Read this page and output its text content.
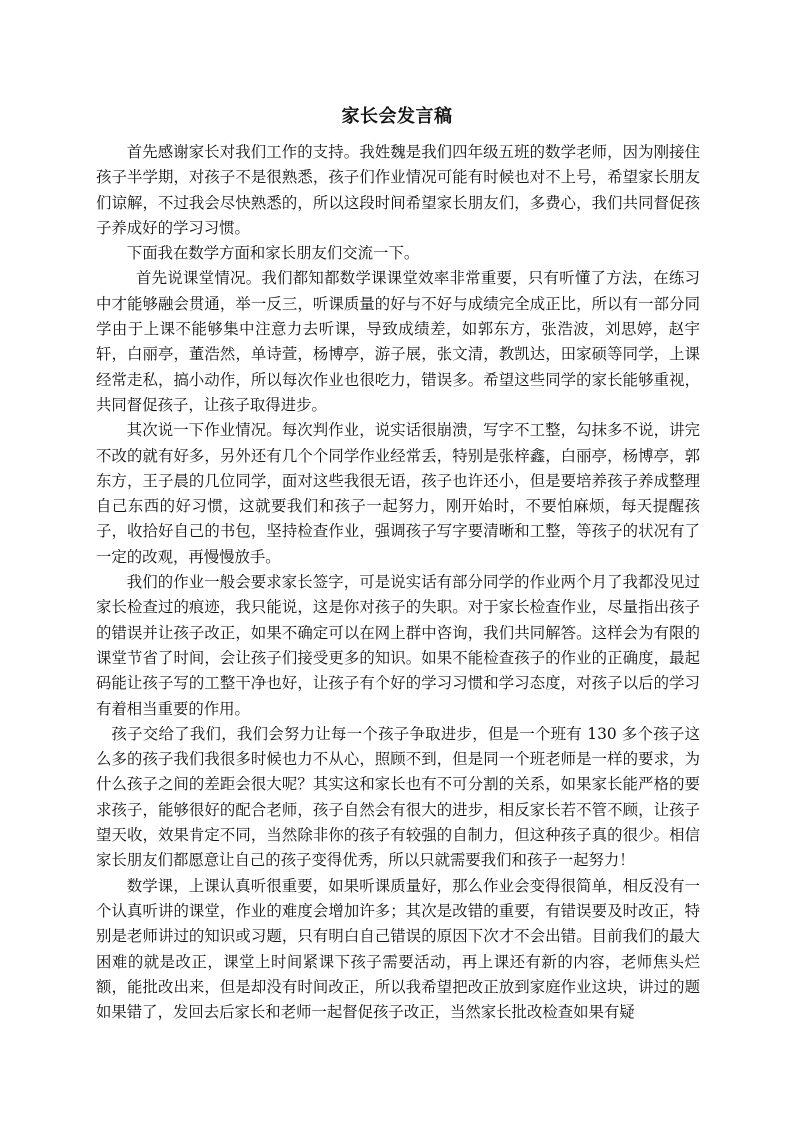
家长会发言稿

首先感谢家长对我们工作的支持。我姓魏是我们四年级五班的数学老师，因为刚接住孩子半学期，对孩子不是很熟悉，孩子们作业情况可能有时候也对不上号，希望家长朋友们谅解，不过我会尽快熟悉的，所以这段时间希望家长朋友们，多费心，我们共同督促孩子养成好的学习习惯。

下面我在数学方面和家长朋友们交流一下。

首先说课堂情况。我们都知都数学课课堂效率非常重要，只有听懂了方法，在练习中才能够融会贯通，举一反三，听课质量的好与不好与成绩完全成正比，所以有一部分同学由于上课不能够集中注意力去听课，导致成绩差，如郭东方，张浩波，刘思婷，赵宇轩，白丽亭，董浩然，单诗萱，杨博亭，游子展，张文清，教凯达，田家硕等同学，上课经常走私，搞小动作，所以每次作业也很吃力，错误多。希望这些同学的家长能够重视，共同督促孩子，让孩子取得进步。

其次说一下作业情况。每次判作业，说实话很崩溃，写字不工整，勾抹多不说，讲完不改的就有好多，另外还有几个个同学作业经常丢，特别是张梓鑫，白丽亭，杨博亭，郭东方，王子晨的几位同学，面对这些我很无语，孩子也许还小，但是要培养孩子养成整理自己东西的好习惯，这就要我们和孩子一起努力，刚开始时，不要怕麻烦，每天提醒孩子，收拾好自己的书包，坚持检查作业，强调孩子写字要清晰和工整，等孩子的状况有了一定的改观，再慢慢放手。

我们的作业一般会要求家长签字，可是说实话有部分同学的作业两个月了我都没见过家长检查过的痕迹，我只能说，这是你对孩子的失职。对于家长检查作业，尽量指出孩子的错误并让孩子改正，如果不确定可以在网上群中咨询，我们共同解答。这样会为有限的课堂节省了时间，会让孩子们接受更多的知识。如果不能检查孩子的作业的正确度，最起码能让孩子写的工整干净也好，让孩子有个好的学习习惯和学习态度，对孩子以后的学习有着相当重要的作用。

孩子交给了我们，我们会努力让每一个孩子争取进步，但是一个班有 130 多个孩子这么多的孩子我们我很多时候也力不从心，照顾不到，但是同一个班老师是一样的要求，为什么孩子之间的差距会很大呢？其实这和家长也有不可分割的关系，如果家长能严格的要求孩子，能够很好的配合老师，孩子自然会有很大的进步，相反家长若不管不顾，让孩子望天收，效果肯定不同，当然除非你的孩子有较强的自制力，但这种孩子真的很少。相信家长朋友们都愿意让自己的孩子变得优秀，所以只就需要我们和孩子一起努力！

数学课，上课认真听很重要，如果听课质量好，那么作业会变得很简单，相反没有一个认真听讲的课堂，作业的难度会增加许多；其次是改错的重要，有错误要及时改正，特别是老师讲过的知识或习题，只有明白自己错误的原因下次才不会出错。目前我们的最大困难的就是改正，课堂上时间紧课下孩子需要活动，再上课还有新的内容，老师焦头烂额，能批改出来，但是却没有时间改正，所以我希望把改正放到家庭作业这块，讲过的题如果错了，发回去后家长和老师一起督促孩子改正，当然家长批改检查如果有疑
